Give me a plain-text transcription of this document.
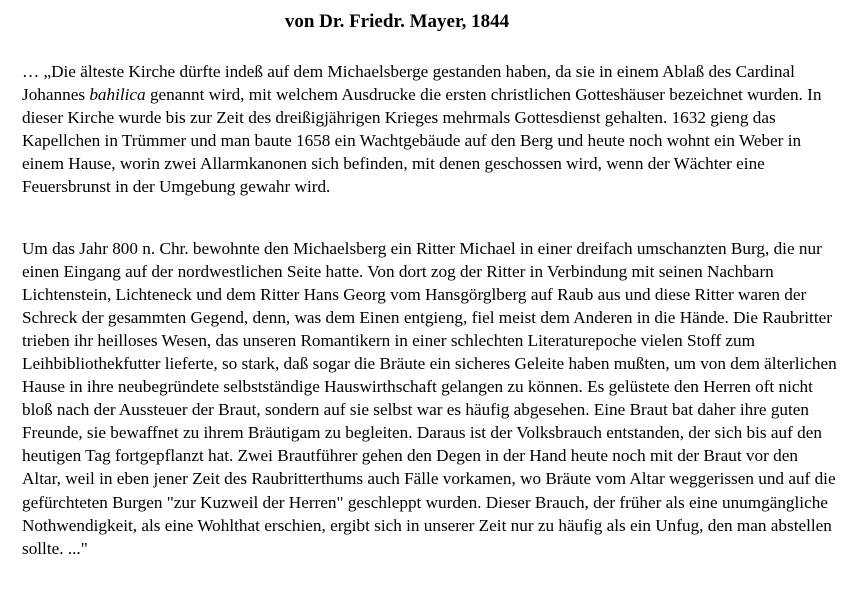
von Dr. Friedr. Mayer, 1844

… „Die älteste Kirche dürfte indeß auf dem Michaelsberge gestanden haben, da sie in einem Ablaß des Cardinal Johannes bahilica genannt wird, mit welchem Ausdrucke die ersten christlichen Gotteshäuser bezeichnet wurden. In dieser Kirche wurde bis zur Zeit des dreißigjährigen Krieges mehrmals Gottesdienst gehalten. 1632 gieng das Kapellchen in Trümmer und man baute 1658 ein Wachtgebäude auf den Berg und heute noch wohnt ein Weber in einem Hause, worin zwei Allarmkanonen sich befinden, mit denen geschossen wird, wenn der Wächter eine Feuersbrunst in der Umgebung gewahr wird.

Um das Jahr 800 n. Chr. bewohnte den Michaelsberg ein Ritter Michael in einer dreifach umschanzten Burg, die nur einen Eingang auf der nordwestlichen Seite hatte. Von dort zog der Ritter in Verbindung mit seinen Nachbarn Lichtenstein, Lichteneck und dem Ritter Hans Georg vom Hansgörglberg auf Raub aus und diese Ritter waren der Schreck der gesammten Gegend, denn, was dem Einen entgieng, fiel meist dem Anderen in die Hände. Die Raubritter trieben ihr heilloses Wesen, das unseren Romantikern in einer schlechten Literaturepoche vielen Stoff zum Leihbibliothekfutter lieferte, so stark, daß sogar die Bräute ein sicheres Geleite haben mußten, um von dem älterlichen Hause in ihre neubegründete selbstständige Hauswirthschaft gelangen zu können. Es gelüstete den Herren oft nicht bloß nach der Aussteuer der Braut, sondern auf sie selbst war es häufig abgesehen. Eine Braut bat daher ihre guten Freunde, sie bewaffnet zu ihrem Bräutigam zu begleiten. Daraus ist der Volksbrauch entstanden, der sich bis auf den heutigen Tag fortgepflanzt hat. Zwei Brautführer gehen den Degen in der Hand heute noch mit der Braut vor den Altar, weil in eben jener Zeit des Raubritterthums auch Fälle vorkamen, wo Bräute vom Altar weggerissen und auf die gefürchteten Burgen "zur Kuzweil der Herren" geschleppt wurden. Dieser Brauch, der früher als eine unumgängliche Nothwendigkeit, als eine Wohlthat erschien, ergibt sich in unserer Zeit nur zu häufig als ein Unfug, den man abstellen sollte. ..."
